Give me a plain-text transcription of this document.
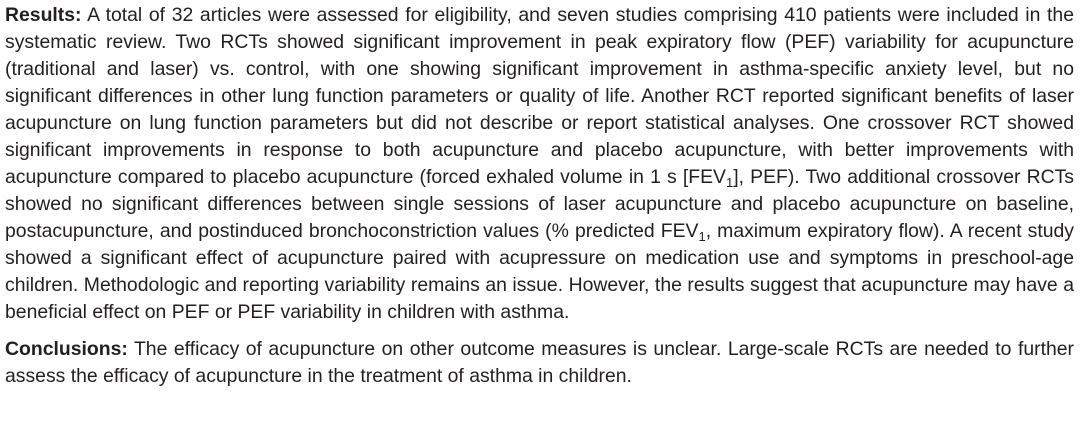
Results: A total of 32 articles were assessed for eligibility, and seven studies comprising 410 patients were included in the systematic review. Two RCTs showed significant improvement in peak expiratory flow (PEF) variability for acupuncture (traditional and laser) vs. control, with one showing significant improvement in asthma-specific anxiety level, but no significant differences in other lung function parameters or quality of life. Another RCT reported significant benefits of laser acupuncture on lung function parameters but did not describe or report statistical analyses. One crossover RCT showed significant improvements in response to both acupuncture and placebo acupuncture, with better improvements with acupuncture compared to placebo acupuncture (forced exhaled volume in 1 s $[FEV_1]$, PEF). Two additional crossover RCTs showed no significant differences between single sessions of laser acupuncture and placebo acupuncture on baseline, postacupuncture, and postinduced bronchoconstriction values (% predicted $FEV_1$, maximum expiratory flow). A recent study showed a significant effect of acupuncture paired with acupressure on medication use and symptoms in preschool-age children. Methodologic and reporting variability remains an issue. However, the results suggest that acupuncture may have a beneficial effect on PEF or PEF variability in children with asthma.

Conclusions: The efficacy of acupuncture on other outcome measures is unclear. Large-scale RCTs are needed to further assess the efficacy of acupuncture in the treatment of asthma in children.
